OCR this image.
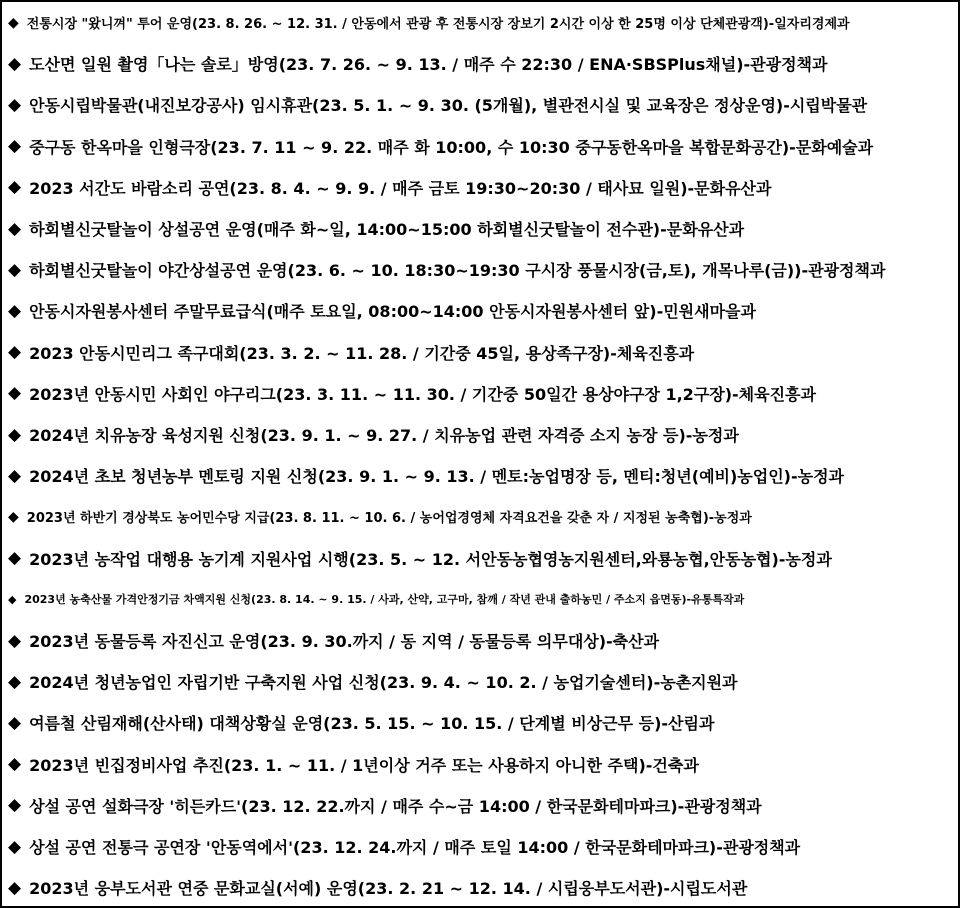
◆ 전통시장 "왔니껴" 투어 운영(23. 8. 26. ~ 12. 31. / 안동에서 관광 후 전통시장 장보기 2시간 이상 한 25명 이상 단체관광객)-일자리경제과
◆ 도산면 일원 촬영「나는 솔로」방영(23. 7. 26. ~ 9. 13. / 매주 수 22:30 / ENA·SBSPlus채널)-관광정책과
◆ 안동시립박물관(내진보강공사) 임시휴관(23. 5. 1. ~ 9. 30. (5개월), 별관전시실 및 교육장은 정상운영)-시립박물관
◆ 중구동 한옥마을 인형극장(23. 7. 11 ~ 9. 22. 매주 화 10:00, 수 10:30 중구동한옥마을 복합문화공간)-문화예술과
◆ 2023 서간도 바람소리 공연(23. 8. 4. ~ 9. 9. / 매주 금토 19:30~20:30 / 태사묘 일원)-문화유산과
◆ 하회별신굿탈놀이 상설공연 운영(매주 화~일, 14:00~15:00 하회별신굿탈놀이 전수관)-문화유산과
◆ 하회별신굿탈놀이 야간상설공연 운영(23. 6. ~ 10. 18:30~19:30 구시장 풍물시장(금,토), 개목나루(금))-관광정책과
◆ 안동시자원봉사센터 주말무료급식(매주 토요일, 08:00~14:00 안동시자원봉사센터 앞)-민원새마을과
◆ 2023 안동시민리그 족구대회(23. 3. 2. ~ 11. 28. / 기간중 45일, 용상족구장)-체육진흥과
◆ 2023년 안동시민 사회인 야구리그(23. 3. 11. ~ 11. 30. / 기간중 50일간 용상야구장 1,2구장)-체육진흥과
◆ 2024년 치유농장 육성지원 신청(23. 9. 1. ~ 9. 27. / 치유농업 관련 자격증 소지 농장 등)-농정과
◆ 2024년 초보 청년농부 멘토링 지원 신청(23. 9. 1. ~ 9. 13. / 멘토:농업명장 등, 멘티:청년(예비)농업인)-농정과
◆ 2023년 하반기 경상북도 농어민수당 지급(23. 8. 11. ~ 10. 6. / 농어업경영체 자격요건을 갖춘 자 / 지정된 농축협)-농정과
◆ 2023년 농작업 대행용 농기계 지원사업 시행(23. 5. ~ 12. 서안동농협영농지원센터,와룡농협,안동농협)-농정과
◆ 2023년 농축산물 가격안정기금 차액지원 신청(23. 8. 14. ~ 9. 15. / 사과, 산약, 고구마, 참깨 / 작년 관내 출하농민 / 주소지 읍면동)-유통특작과
◆ 2023년 동물등록 자진신고 운영(23. 9. 30.까지 / 동 지역 / 동물등록 의무대상)-축산과
◆ 2024년 청년농업인 자립기반 구축지원 사업 신청(23. 9. 4. ~ 10. 2. / 농업기술센터)-농촌지원과
◆ 여름철 산림재해(산사태) 대책상황실 운영(23. 5. 15. ~ 10. 15. / 단계별 비상근무 등)-산림과
◆ 2023년 빈집정비사업 추진(23. 1. ~ 11. / 1년이상 거주 또는 사용하지 아니한 주택)-건축과
◆ 상설 공연 설화극장 '히든카드'(23. 12. 22.까지 / 매주 수~금 14:00 / 한국문화테마파크)-관광정책과
◆ 상설 공연 전통극 공연장 '안동역에서'(23. 12. 24.까지 / 매주 토일 14:00 / 한국문화테마파크)-관광정책과
◆ 2023년 웅부도서관 연중 문화교실(서예) 운영(23. 2. 21 ~ 12. 14. / 시립웅부도서관)-시립도서관
